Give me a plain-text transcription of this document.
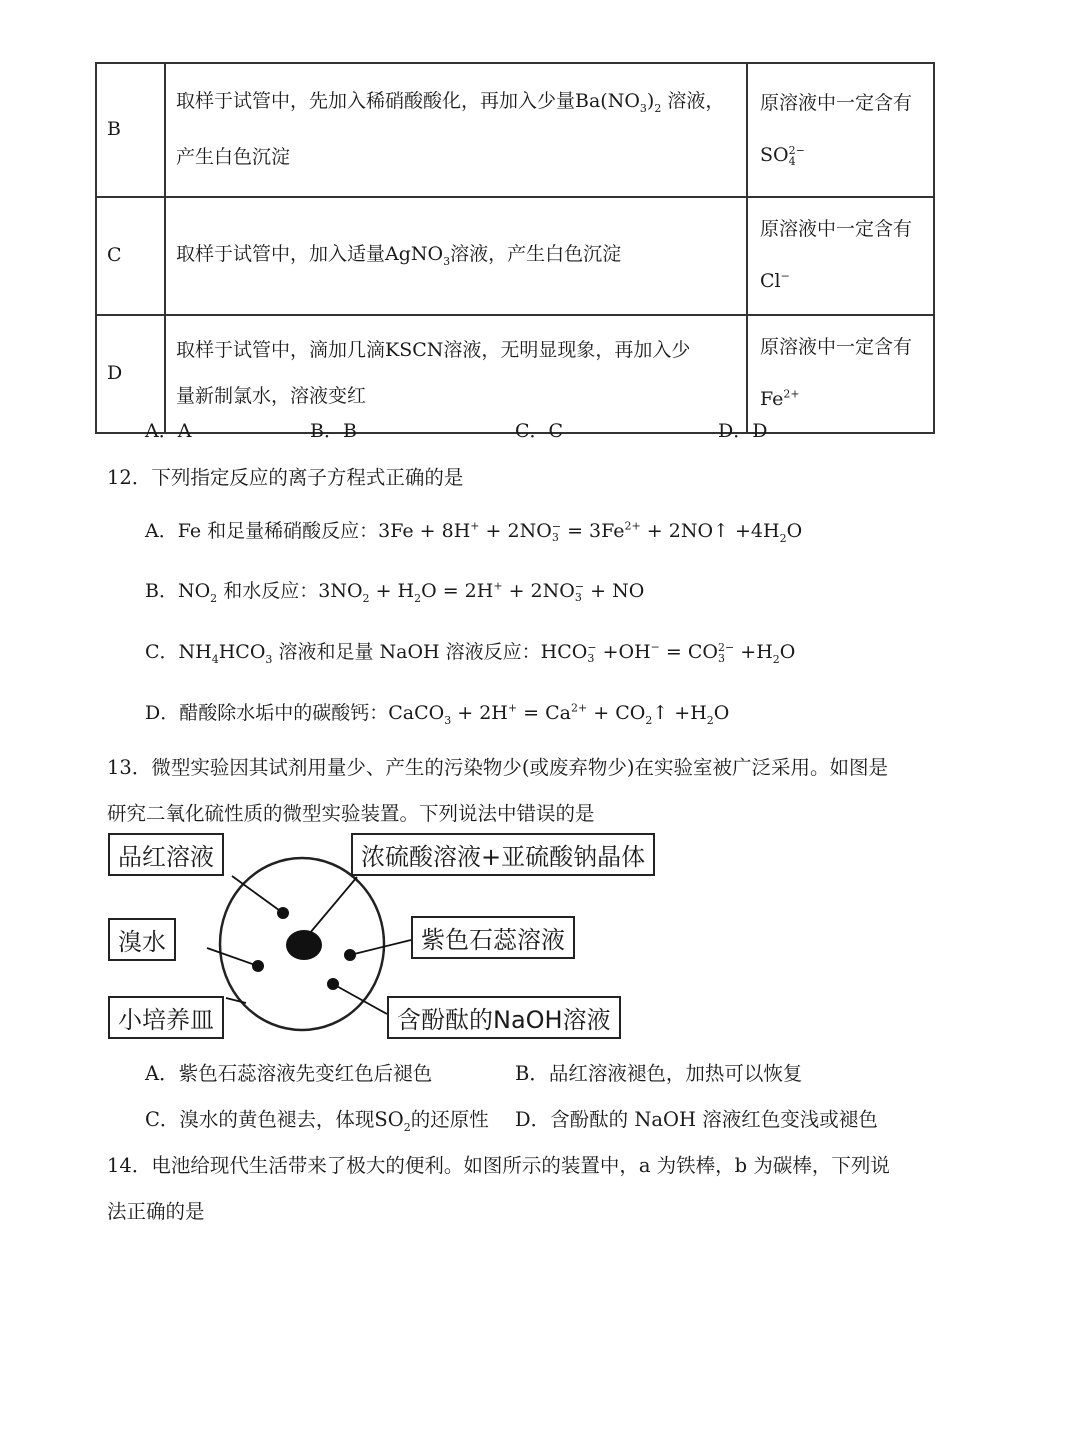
B	取样于试管中，先加入稀硝酸酸化，再加入少量$Ba(NO_3)_2$ 溶液，
产生白色沉淀	原溶液中一定含有
SO 2−
4

C	取样于试管中，加入适量AgNO$_3$溶液，产生白色沉淀	原溶液中一定含有
Cl−

D	取样于试管中，滴加几滴KSCN溶液，无明显现象，再加入少
量新制氯水，溶液变红	原溶液中一定含有
$Fe^{2+}$
A．A	B．B	C．C	D．D
12．下列指定反应的离子方程式正确的是
A．Fe 和足量稀硝酸反应：3Fe + 8H+ + 2NO −
$3 = 3Fe^{2+}$ + 2NO↑ $+4H_2O$
B．$NO_2$ 和水反应：$3NO_2 + H_2O = 2H^+ + 2NO$ −
3 + NO
C．$NH_4HCO_3$ 溶液和足量 NaOH 溶液反应：HCO −
3 +OH− = CO 2−
$3 +H_2O$
D．醋酸除水垢中的碳酸钙：CaCO$_3$ + $2H^+ = Ca^{2+}$ + $CO_2↑ +H_2O$
13．微型实验因其试剂用量少、产生的污染物少(或废弃物少)在实验室被广泛采用。如图是
研究二氧化硫性质的微型实验装置。下列说法中错误的是
品红溶液	浓硫酸溶液+亚硫酸钠晶体
溴水	紫色石蕊溶液
小培养皿	含酚酞的NaOH溶液
A．紫色石蕊溶液先变红色后褪色	B．品红溶液褪色，加热可以恢复
C．溴水的黄色褪去，体现$SO_2$的还原性 D．含酚酞的 NaOH 溶液红色变浅或褪色
14．电池给现代生活带来了极大的便利。如图所示的装置中，a 为铁棒，b 为碳棒，下列说
法正确的是
